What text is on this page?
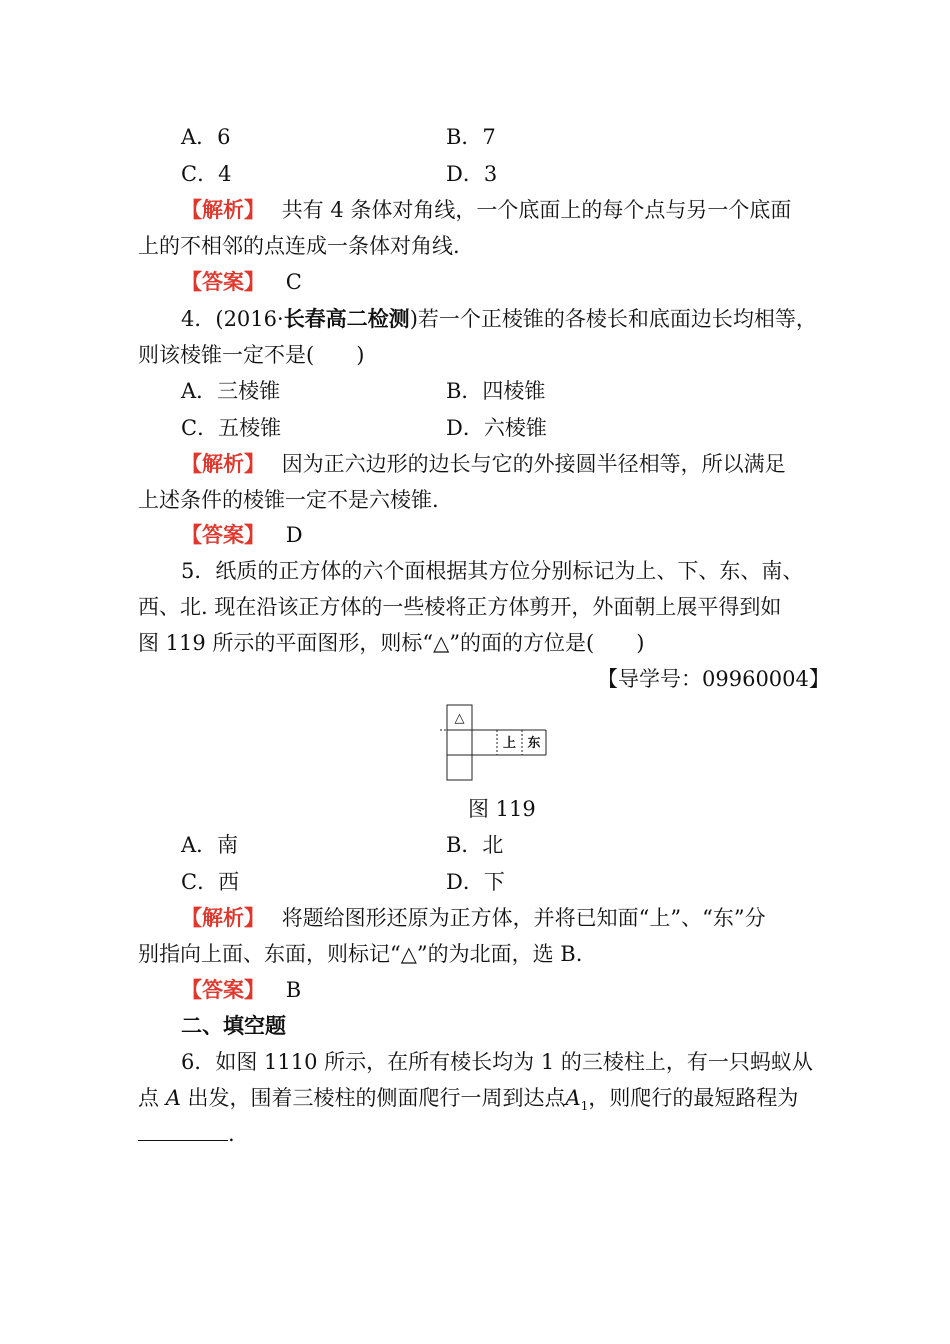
A．6	B．7
C．4	D．3
【解析】 共有 4 条体对角线，一个底面上的每个点与另一个底面
上的不相邻的点连成一条体对角线.
【答案】 C
4．(2016·长春高二检测)若一个正棱锥的各棱长和底面边长均相等，
则该棱锥一定不是(　　)
A．三棱锥	B．四棱锥
C．五棱锥	D．六棱锥
【解析】 因为正六边形的边长与它的外接圆半径相等，所以满足
上述条件的棱锥一定不是六棱锥.
【答案】 D
5．纸质的正方体的六个面根据其方位分别标记为上、下、东、南、
西、北. 现在沿该正方体的一些棱将正方体剪开，外面朝上展平得到如
图 119 所示的平面图形，则标“△”的面的方位是(　　)
【导学号：09960004】
△
上 东
图 119
A．南	B．北
C．西	D．下
【解析】 将题给图形还原为正方体，并将已知面“上”、“东”分
别指向上面、东面，则标记“△”的为北面，选 B.
【答案】 B
二、填空题
6．如图 1110 所示，在所有棱长均为 1 的三棱柱上，有一只蚂蚁从
点 A 出发，围着三棱柱的侧面爬行一周到达点$A_1$，则爬行的最短路程为
.
